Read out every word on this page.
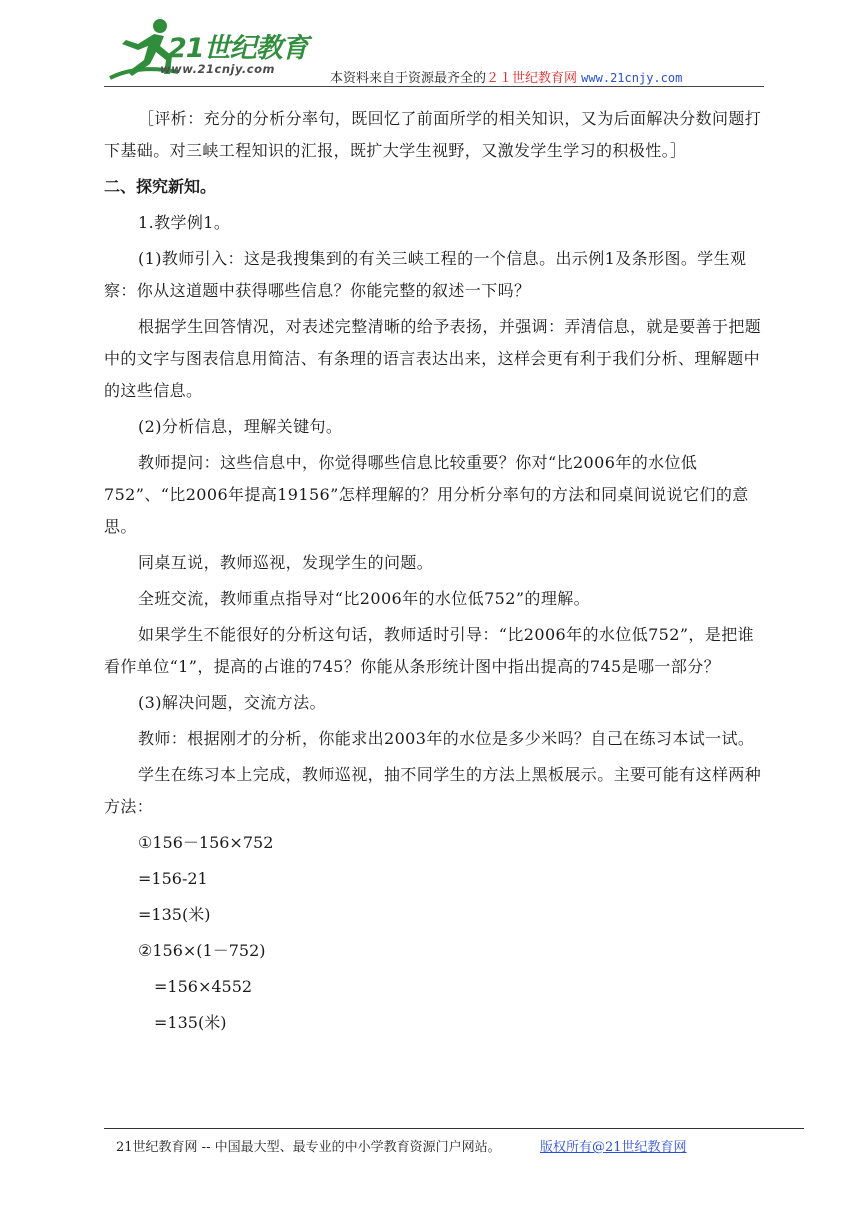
21世纪教育
www.21cnjy.com
本资料来自于资源最齐全的２１世纪教育网 www.21cnjy.com

［评析：充分的分析分率句，既回忆了前面所学的相关知识，又为后面解决分数问题打下基础。对三峡工程知识的汇报，既扩大学生视野，又激发学生学习的积极性。］

二、探究新知。

1.教学例1。

(1)教师引入：这是我搜集到的有关三峡工程的一个信息。出示例1及条形图。学生观察：你从这道题中获得哪些信息？你能完整的叙述一下吗？

根据学生回答情况，对表述完整清晰的给予表扬，并强调：弄清信息，就是要善于把题中的文字与图表信息用简洁、有条理的语言表达出来，这样会更有利于我们分析、理解题中的这些信息。

(2)分析信息，理解关键句。

教师提问：这些信息中，你觉得哪些信息比较重要？你对“比2006年的水位低752”、“比2006年提高19156”怎样理解的？用分析分率句的方法和同桌间说说它们的意思。

同桌互说，教师巡视，发现学生的问题。

全班交流，教师重点指导对“比2006年的水位低752”的理解。

如果学生不能很好的分析这句话，教师适时引导：“比2006年的水位低752”，是把谁看作单位“1”，提高的占谁的745？你能从条形统计图中指出提高的745是哪一部分？

(3)解决问题，交流方法。

教师：根据刚才的分析，你能求出2003年的水位是多少米吗？自己在练习本试一试。

学生在练习本上完成，教师巡视，抽不同学生的方法上黑板展示。主要可能有这样两种方法：

①156－156×752

=156-21

=135(米)

②156×(1－752)

=156×4552

=135(米)

21世纪教育网 -- 中国最大型、最专业的中小学教育资源门户网站。	版权所有@21世纪教育网
